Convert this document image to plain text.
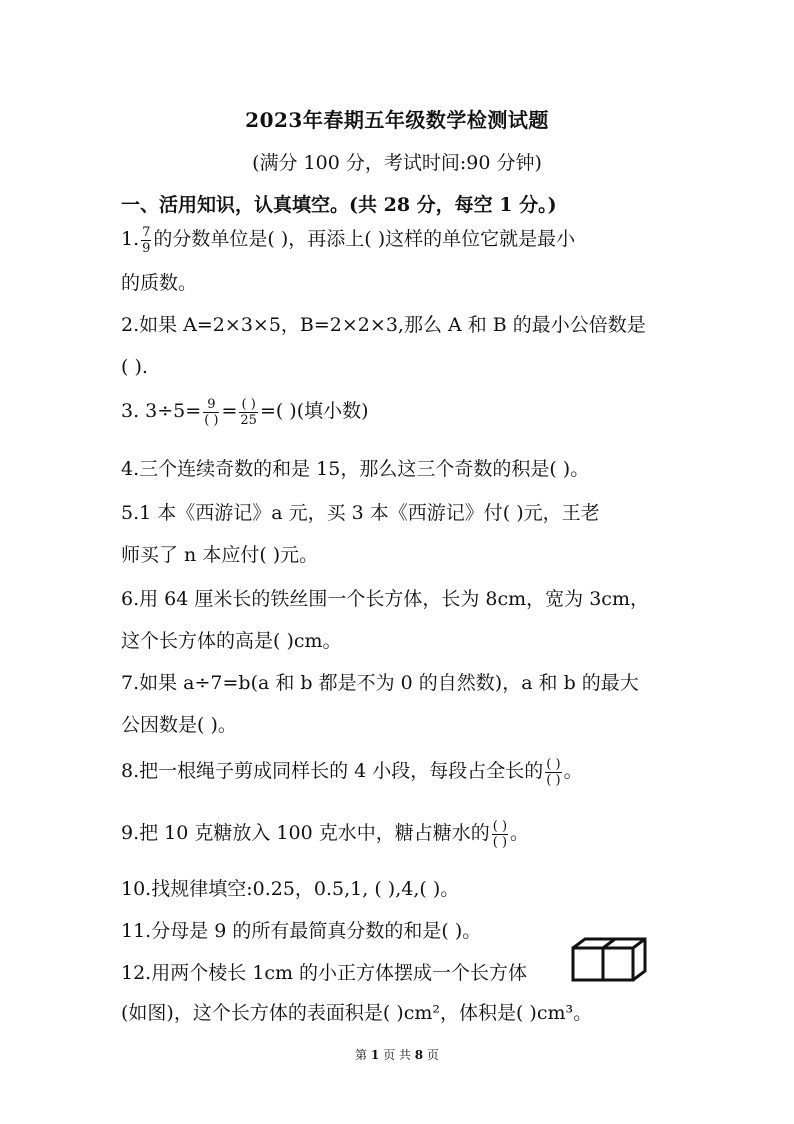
2023年春期五年级数学检测试题
(满分 100 分，考试时间:90 分钟)
一、活用知识，认真填空。(共 28 分，每空 1 分。)
1. $\frac{7}{9}$ 的分数单位是( )，再添上( )这样的单位它就是最小
的质数。
2.如果 A=2×3×5，B=2×2×3,那么 A 和 B 的最小公倍数是
( ).
3. $3\div 5= \frac{9}{( )} = \frac{( )}{25}$ =( )(填小数)
4.三个连续奇数的和是 15，那么这三个奇数的积是( )。
5.1 本《西游记》a 元，买 3 本《西游记》付( )元，王老
师买了 n 本应付( )元。
6.用 64 厘米长的铁丝围一个长方体，长为 8cm，宽为 3cm，
这个长方体的高是( )cm。
7.如果 a÷7=b(a 和 b 都是不为 0 的自然数)，a 和 b 的最大
公因数是( )。
8.把一根绳子剪成同样长的 4 小段，每段占全长的 $\frac{( )}{( )}$ 。
9.把 10 克糖放入 100 克水中，糖占糖水的 $\frac{( )}{( )}$ 。
10.找规律填空:0.25，0.5,1, ( ),4,( )。
11.分母是 9 的所有最简真分数的和是( )。
12.用两个棱长 1cm 的小正方体摆成一个长方体
(如图)，这个长方体的表面积是( )cm²，体积是( )cm³。
第 1 页 共 8 页
